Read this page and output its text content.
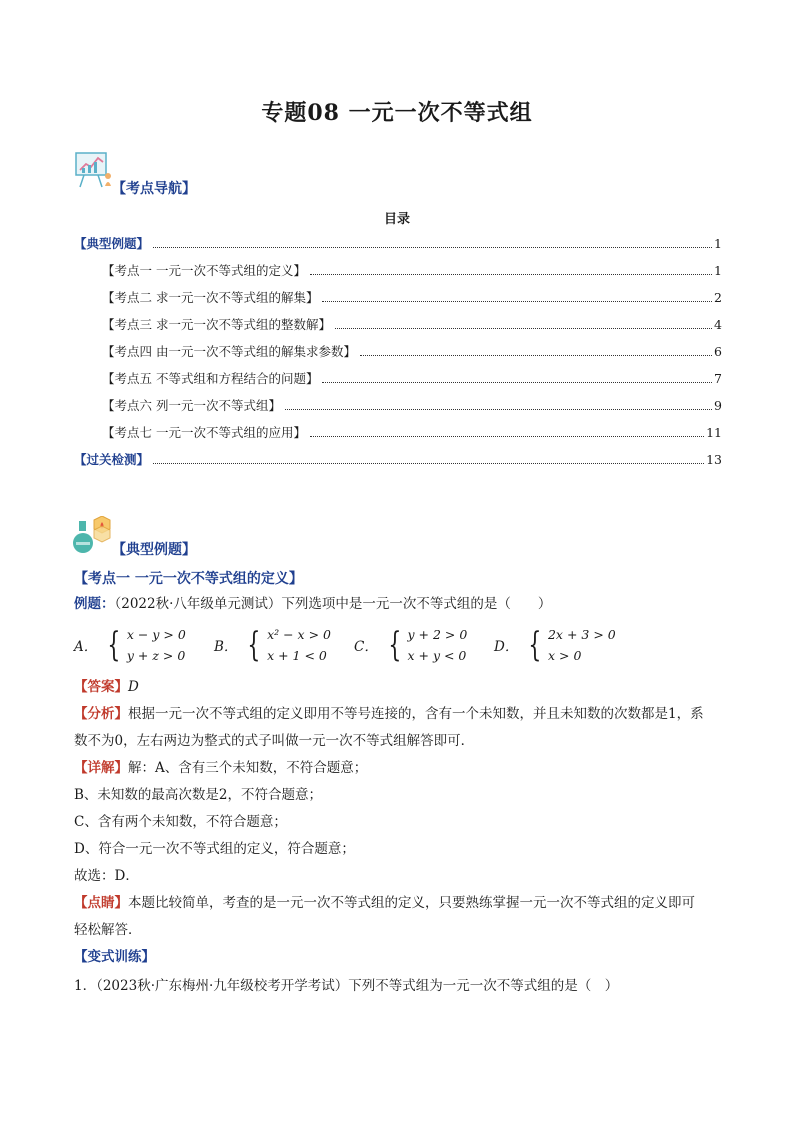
专题08 一元一次不等式组
【考点导航】
目录
【典型例题】	1
【考点一 一元一次不等式组的定义】	1
【考点二 求一元一次不等式组的解集】	2
【考点三 求一元一次不等式组的整数解】	4
【考点四 由一元一次不等式组的解集求参数】	6
【考点五 不等式组和方程结合的问题】	7
【考点六 列一元一次不等式组】	9
【考点七 一元一次不等式组的应用】	11
【过关检测】	13
【典型例题】
【考点一 一元一次不等式组的定义】
例题：（2022秋·八年级单元测试）下列选项中是一元一次不等式组的是（　　）
A． { x − y > 0
y + z > 0
B． { x² − x > 0
x + 1 < 0
C． { y + 2 > 0
x + y < 0
D． { 2x + 3 > 0
x > 0
【答案】D
【分析】根据一元一次不等式组的定义即用不等号连接的，含有一个未知数，并且未知数的次数都是1，系
数不为0，左右两边为整式的式子叫做一元一次不等式组解答即可．
【详解】解：A、含有三个未知数，不符合题意；
B、未知数的最高次数是2，不符合题意；
C、含有两个未知数，不符合题意；
D、符合一元一次不等式组的定义，符合题意；
故选：D．
【点睛】本题比较简单，考查的是一元一次不等式组的定义，只要熟练掌握一元一次不等式组的定义即可
轻松解答．
【变式训练】
1．（2023秋·广东梅州·九年级校考开学考试）下列不等式组为一元一次不等式组的是（　）
